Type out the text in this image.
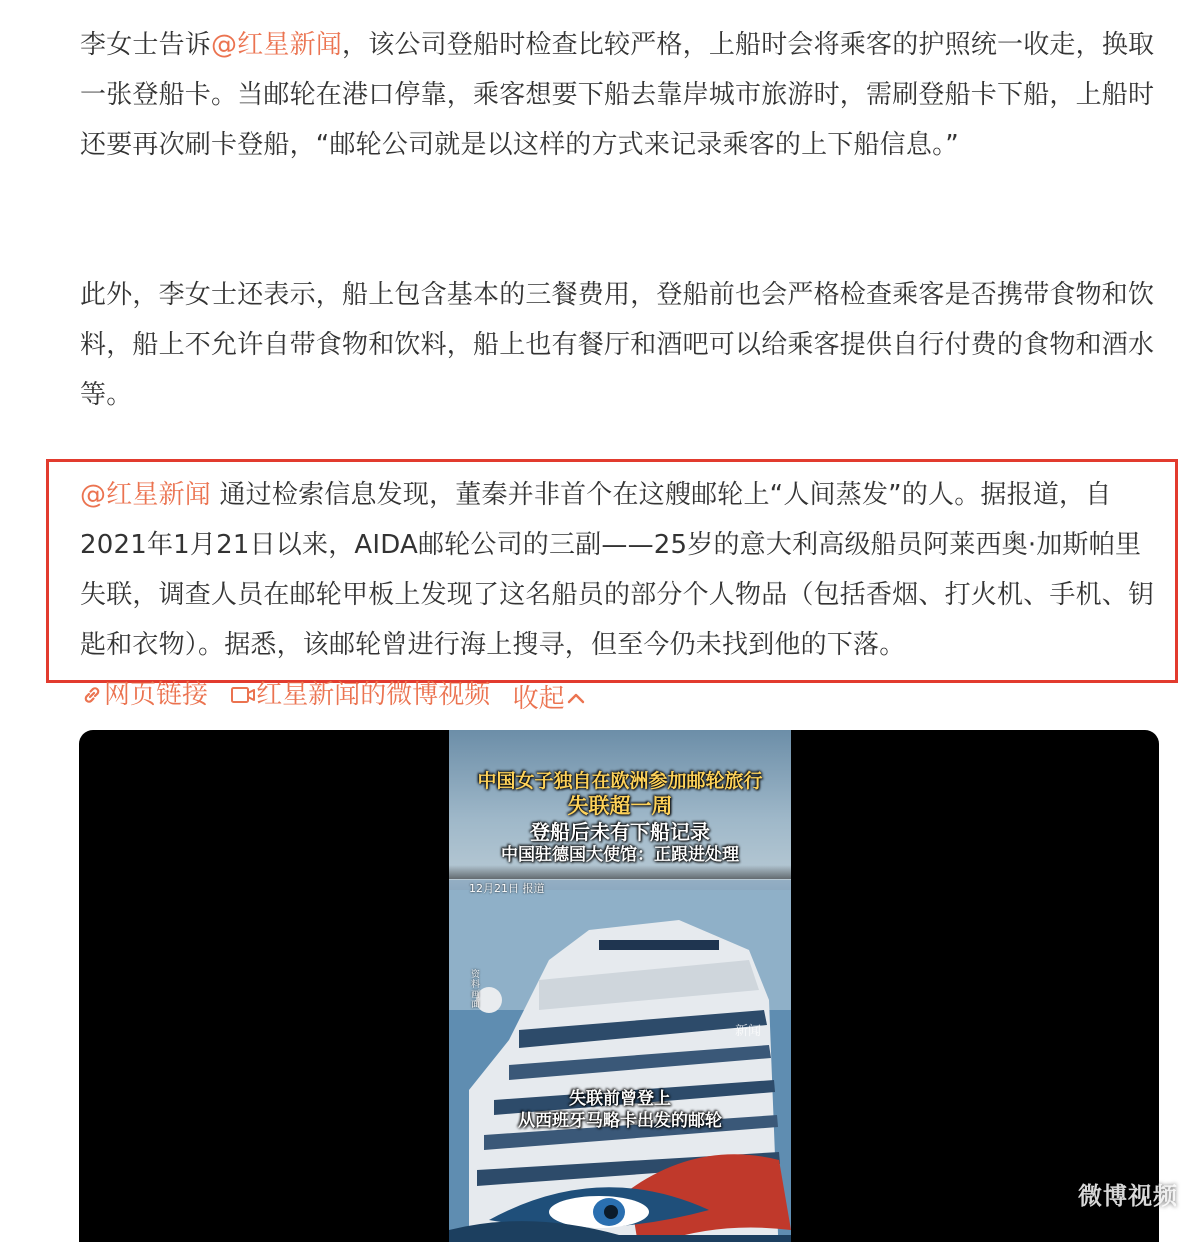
李女士告诉@红星新闻，该公司登船时检查比较严格，上船时会将乘客的护照统一收走，换取一张登船卡。当邮轮在港口停靠，乘客想要下船去靠岸城市旅游时，需刷登船卡下船，上船时还要再次刷卡登船，“邮轮公司就是以这样的方式来记录乘客的上下船信息。”

此外，李女士还表示，船上包含基本的三餐费用，登船前也会严格检查乘客是否携带食物和饮料，船上不允许自带食物和饮料，船上也有餐厅和酒吧可以给乘客提供自行付费的食物和酒水等。

@红星新闻 通过检索信息发现，董秦并非首个在这艘邮轮上“人间蒸发”的人。据报道，自2021年1月21日以来，AIDA邮轮公司的三副——25岁的意大利高级船员阿莱西奥·加斯帕里失联，调查人员在邮轮甲板上发现了这名船员的部分个人物品（包括香烟、打火机、手机、钥匙和衣物）。据悉，该邮轮曾进行海上搜寻，但至今仍未找到他的下落。

网页链接
红星新闻的微博视频
收起
中国女子独自在欧洲参加邮轮旅行
失联超一周
登船后未有下船记录
中国驻德国大使馆：正跟进处理
12月21日 报道
资料画面
新闻
失联前曾登上
从西班牙马略卡出发的邮轮
微博视频
